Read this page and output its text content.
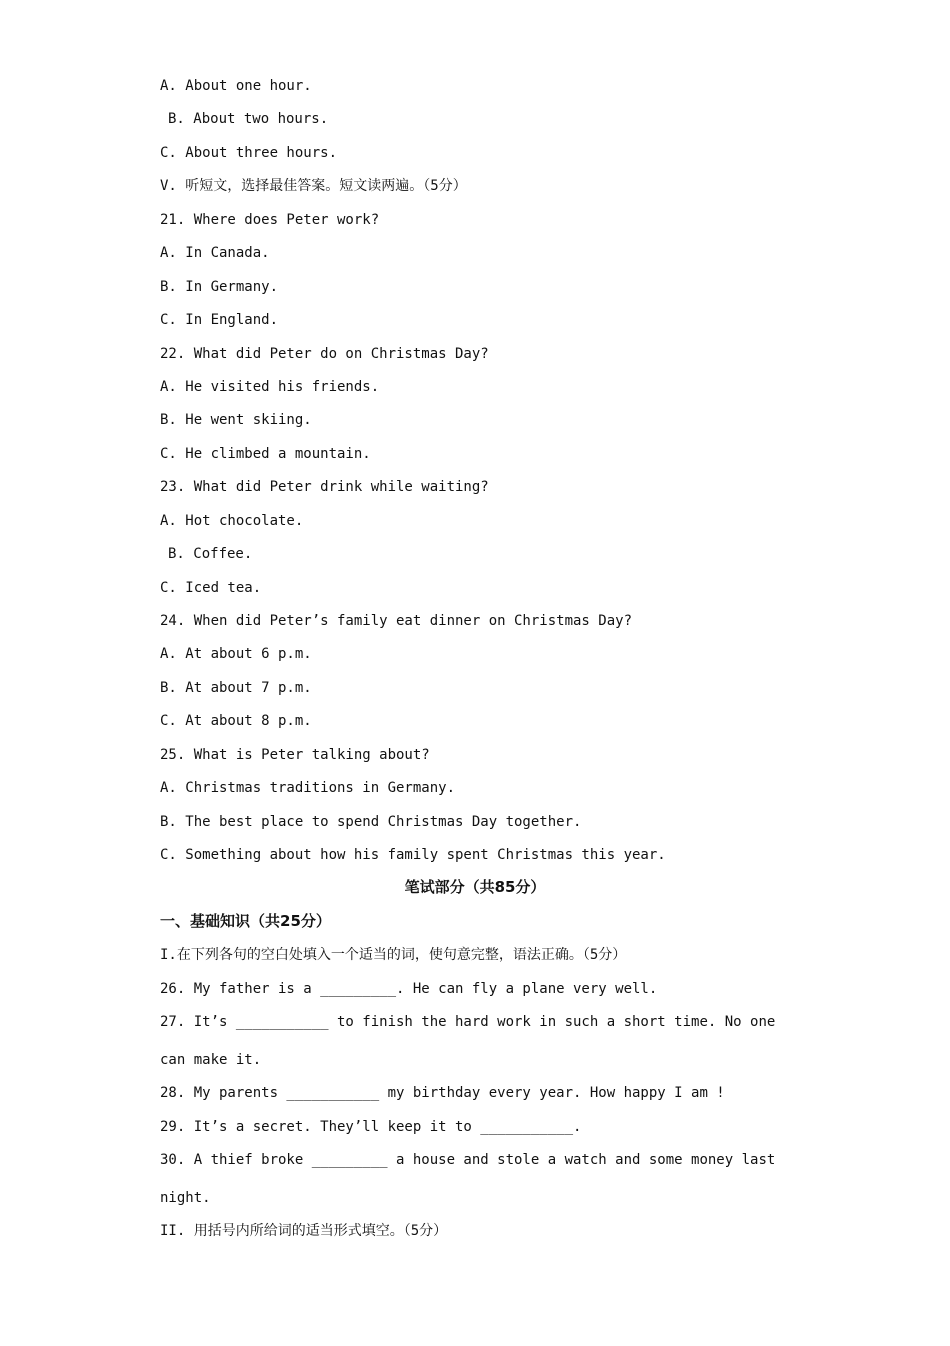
A. About one hour.
B. About two hours.
C. About three hours.
V. 听短文，选择最佳答案。短文读两遍。（5分）
21. Where does Peter work?
A. In Canada.
B. In Germany.
C. In England.
22. What did Peter do on Christmas Day?
A. He visited his friends.
B. He went skiing.
C. He climbed a mountain.
23. What did Peter drink while waiting?
A. Hot chocolate.
B. Coffee.
C. Iced tea.
24. When did Peter’s family eat dinner on Christmas Day?
A. At about 6 p.m.
B. At about 7 p.m.
C. At about 8 p.m.
25. What is Peter talking about?
A. Christmas traditions in Germany.
B. The best place to spend Christmas Day together.
C. Something about how his family spent Christmas this year.
笔试部分（共85分）
一、基础知识（共25分）
I.在下列各句的空白处填入一个适当的词，使句意完整，语法正确。（5分）
26. My father is a _________. He can fly a plane very well.
27. It’s ___________ to finish the hard work in such a short time. No one
can make it.
28. My parents ___________ my birthday every year. How happy I am !
29. It’s a secret. They’ll keep it to ___________.
30. A thief broke _________ a house and stole a watch and some money last
night.
II. 用括号内所给词的适当形式填空。（5分）
